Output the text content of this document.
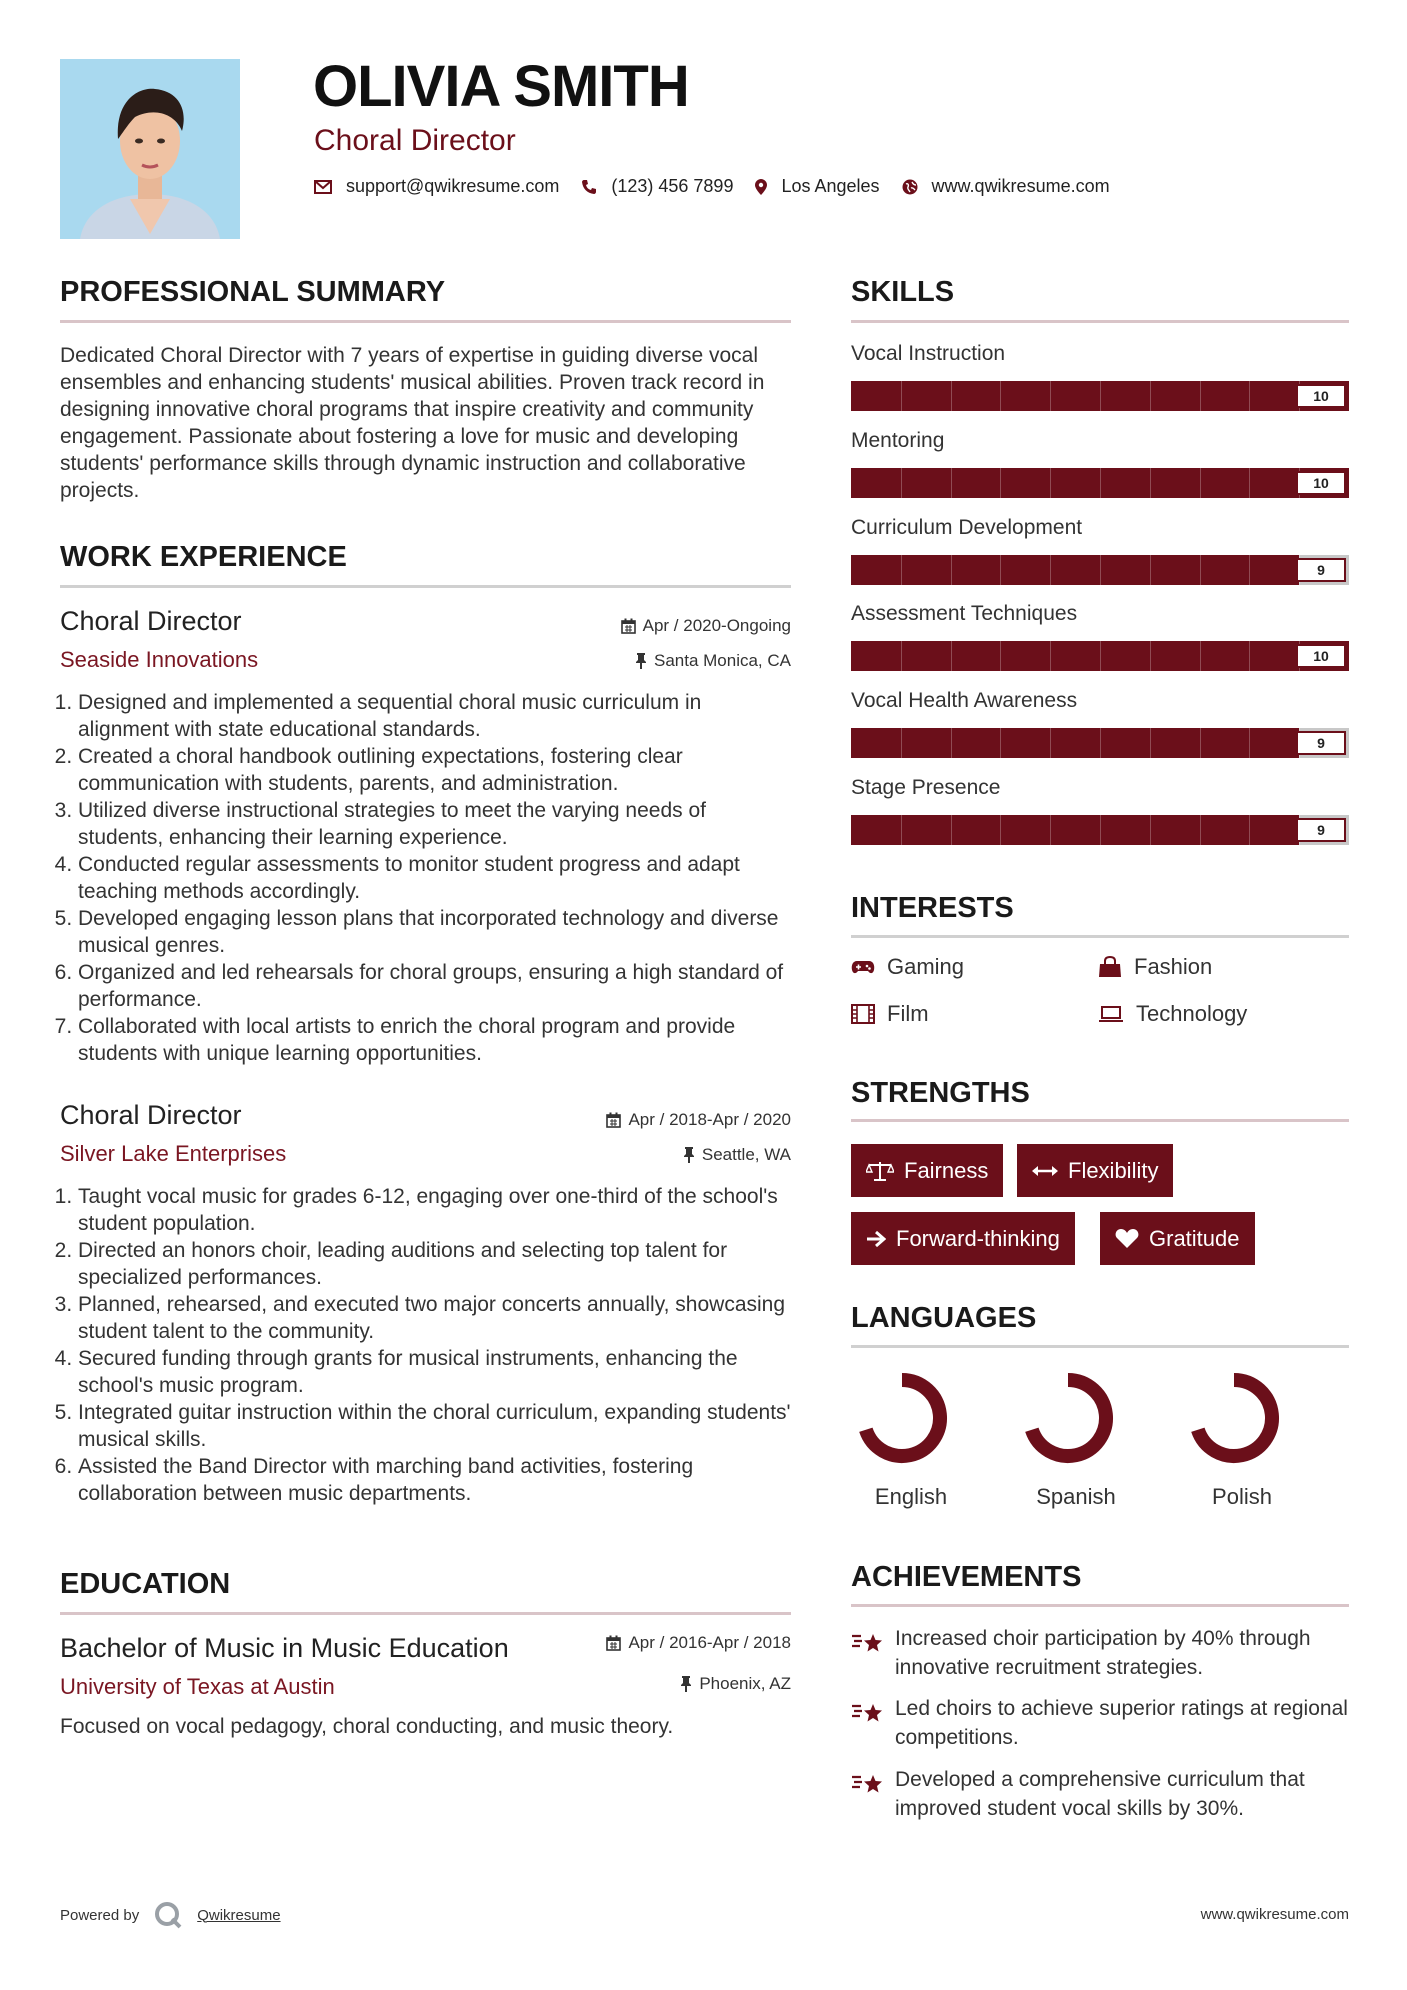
OLIVIA SMITH
Choral Director
support@qwikresume.com	(123) 456 7899	Los Angeles	www.qwikresume.com
PROFESSIONAL SUMMARY
Dedicated Choral Director with 7 years of expertise in guiding diverse vocal ensembles and enhancing students' musical abilities. Proven track record in designing innovative choral programs that inspire creativity and community engagement. Passionate about fostering a love for music and developing students' performance skills through dynamic instruction and collaborative projects.
WORK EXPERIENCE
Choral Director	Apr / 2020-Ongoing
Seaside Innovations	Santa Monica, CA
1. Designed and implemented a sequential choral music curriculum in alignment with state educational standards.
2. Created a choral handbook outlining expectations, fostering clear communication with students, parents, and administration.
3. Utilized diverse instructional strategies to meet the varying needs of students, enhancing their learning experience.
4. Conducted regular assessments to monitor student progress and adapt teaching methods accordingly.
5. Developed engaging lesson plans that incorporated technology and diverse musical genres.
6. Organized and led rehearsals for choral groups, ensuring a high standard of performance.
7. Collaborated with local artists to enrich the choral program and provide students with unique learning opportunities.
Choral Director	Apr / 2018-Apr / 2020
Silver Lake Enterprises	Seattle, WA
1. Taught vocal music for grades 6-12, engaging over one-third of the school's student population.
2. Directed an honors choir, leading auditions and selecting top talent for specialized performances.
3. Planned, rehearsed, and executed two major concerts annually, showcasing student talent to the community.
4. Secured funding through grants for musical instruments, enhancing the school's music program.
5. Integrated guitar instruction within the choral curriculum, expanding students' musical skills.
6. Assisted the Band Director with marching band activities, fostering collaboration between music departments.
EDUCATION
Bachelor of Music in Music Education	Apr / 2016-Apr / 2018
University of Texas at Austin	Phoenix, AZ
Focused on vocal pedagogy, choral conducting, and music theory.
SKILLS
Vocal Instruction
10
Mentoring
10
Curriculum Development
9
Assessment Techniques
10
Vocal Health Awareness
9
Stage Presence
9
INTERESTS
Gaming	Fashion
Film	Technology
STRENGTHS
Fairness	Flexibility
Forward-thinking	Gratitude
LANGUAGES
English	Spanish	Polish
ACHIEVEMENTS
Increased choir participation by 40% through innovative recruitment strategies.
Led choirs to achieve superior ratings at regional competitions.
Developed a comprehensive curriculum that improved student vocal skills by 30%.
Powered by	Qwikresume	www.qwikresume.com
